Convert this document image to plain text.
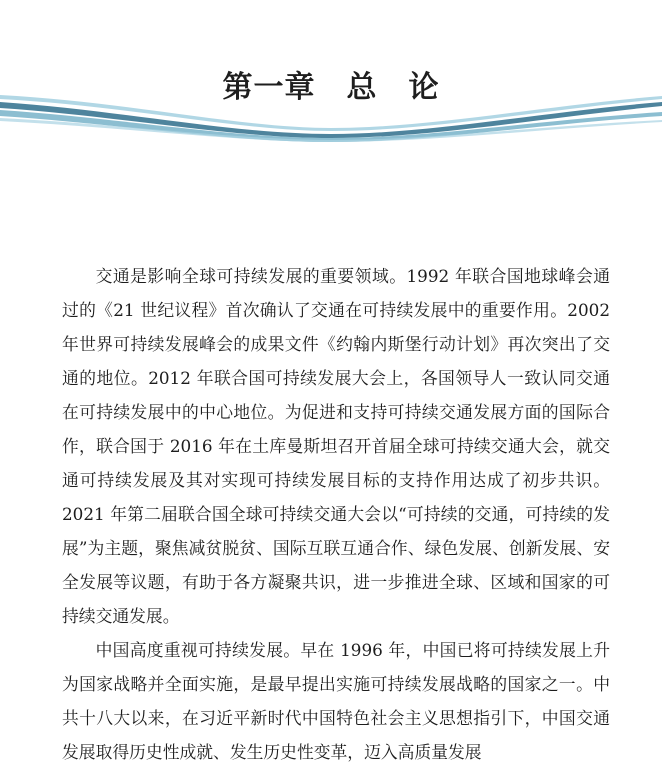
第一章　总　论

交通是影响全球可持续发展的重要领域。1992 年联合国地球峰会通过的《21 世纪议程》首次确认了交通在可持续发展中的重要作用。2002 年世界可持续发展峰会的成果文件《约翰内斯堡行动计划》再次突出了交通的地位。2012 年联合国可持续发展大会上，各国领导人一致认同交通在可持续发展中的中心地位。为促进和支持可持续交通发展方面的国际合作，联合国于 2016 年在土库曼斯坦召开首届全球可持续交通大会，就交通可持续发展及其对实现可持续发展目标的支持作用达成了初步共识。2021 年第二届联合国全球可持续交通大会以“可持续的交通，可持续的发展”为主题，聚焦减贫脱贫、国际互联互通合作、绿色发展、创新发展、安全发展等议题，有助于各方凝聚共识，进一步推进全球、区域和国家的可持续交通发展。

中国高度重视可持续发展。早在 1996 年，中国已将可持续发展上升为国家战略并全面实施，是最早提出实施可持续发展战略的国家之一。中共十八大以来，在习近平新时代中国特色社会主义思想指引下，中国交通发展取得历史性成就、发生历史性变革，迈入高质量发展
